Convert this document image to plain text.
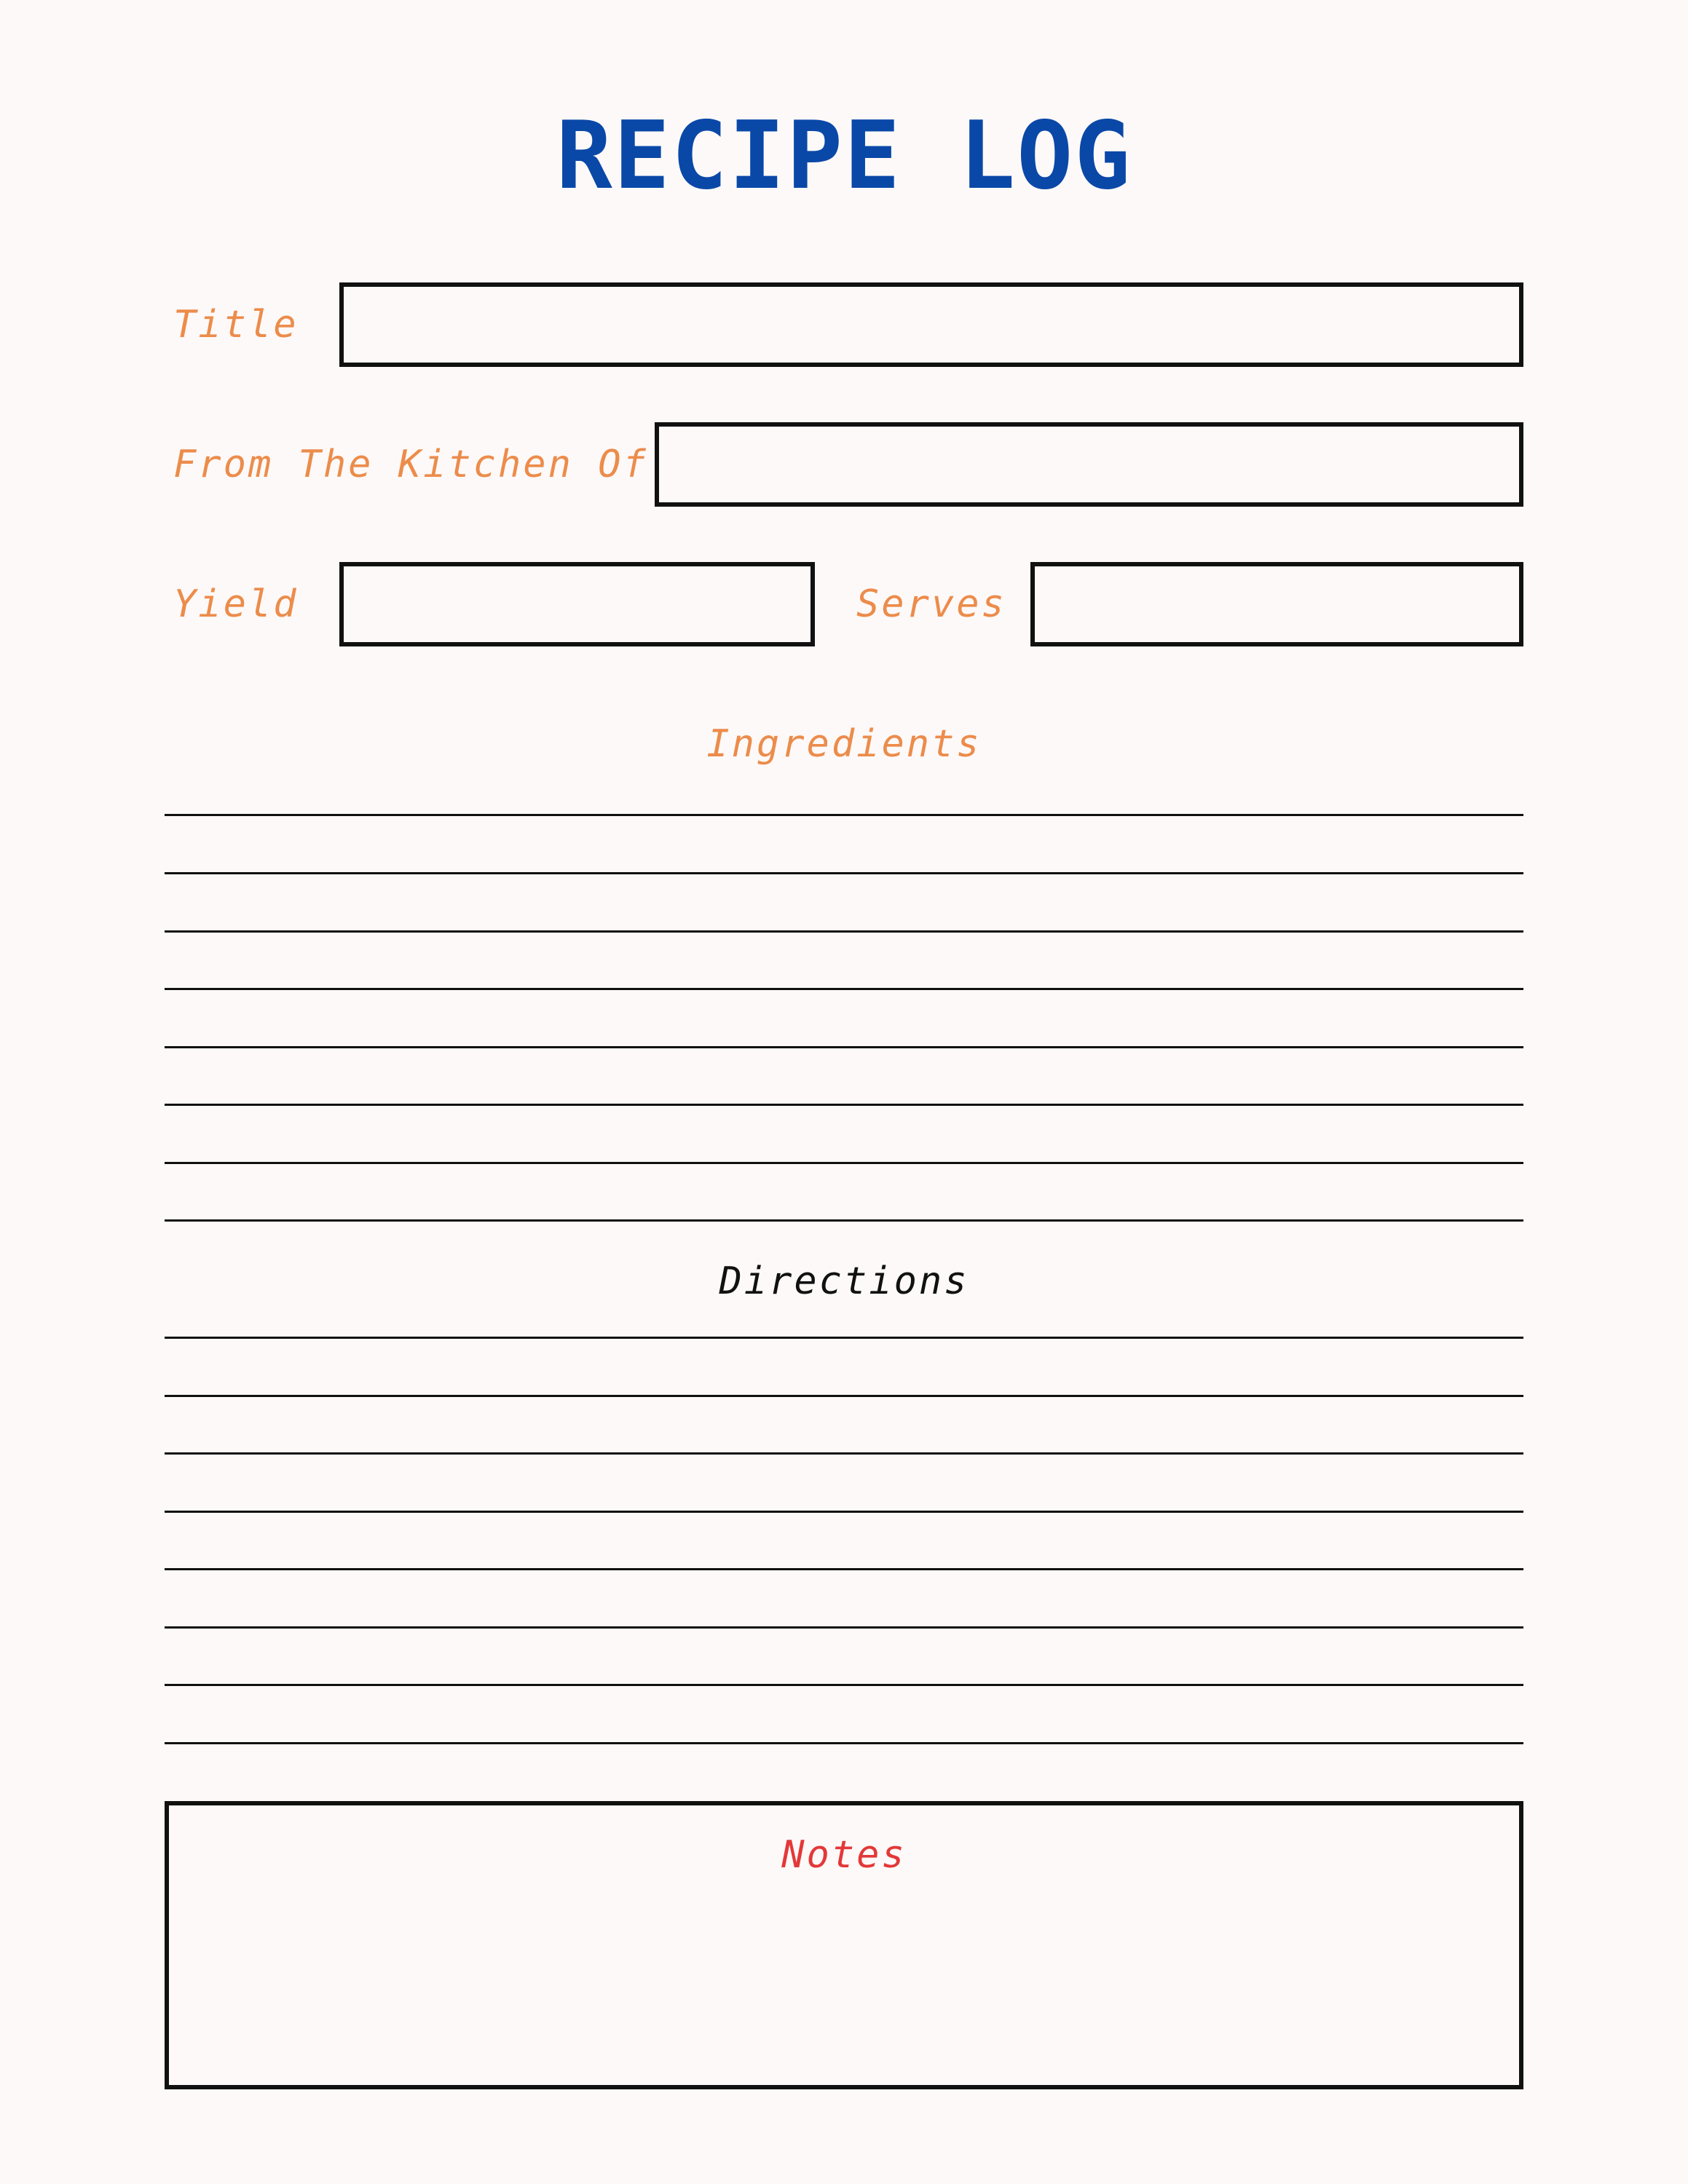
RECIPE LOG
Title
From The Kitchen Of
Yield	Serves
Ingredients
Directions
Notes
